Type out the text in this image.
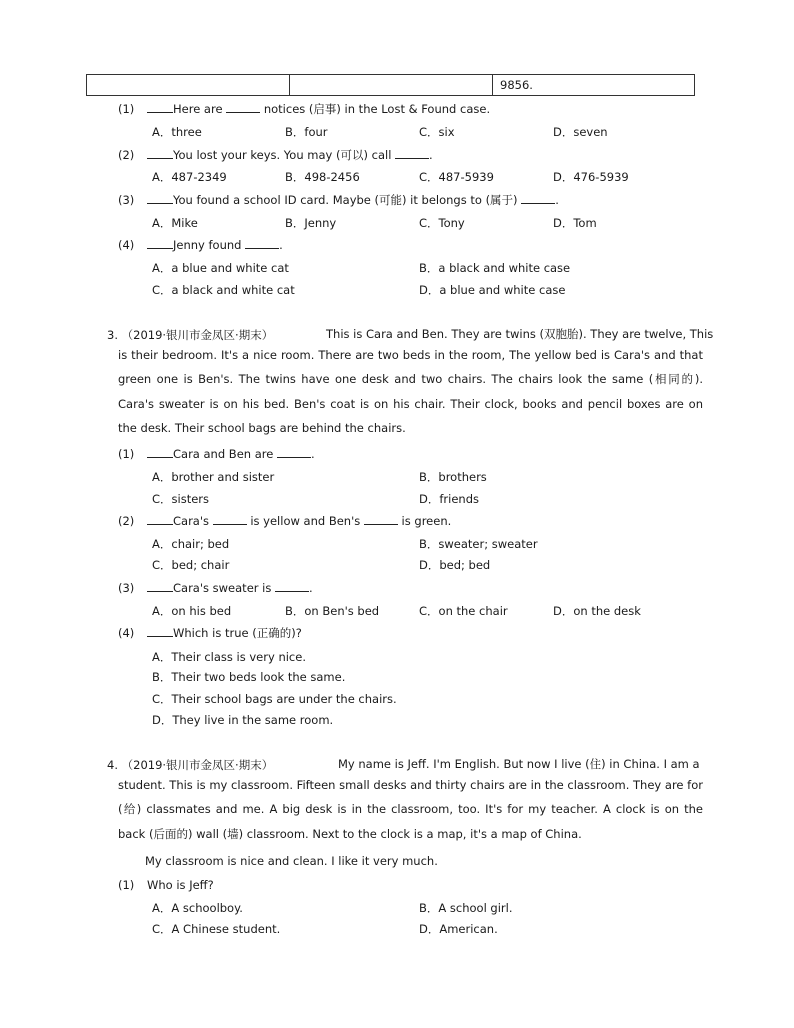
9856.
(1)	Here are	notices (启事) in the Lost & Found case.
A．three	B．four	C．six	D．seven
(2)	You lost your keys. You may (可以) call	.
A．487-2349	B．498-2456	C．487-5939	D．476-5939
(3)	You found a school ID card. Maybe (可能) it belongs to (属于)	.
A．Mike	B．Jenny	C．Tony	D．Tom
(4)	Jenny found	.
A．a blue and white cat	B．a black and white case
C．a black and white cat	D．a blue and white case
3. （2019·银川市金凤区·期末）	This is Cara and Ben. They are twins (双胞胎). They are twelve, This
is their bedroom. It's a nice room. There are two beds in the room, The yellow bed is Cara's and that green one is Ben's. The twins have one desk and two chairs. The chairs look the same (相同的). Cara's sweater is on his bed. Ben's coat is on his chair. Their clock, books and pencil boxes are on the desk. Their school bags are behind the chairs.
(1)	Cara and Ben are	.
A．brother and sister	B．brothers
C．sisters	D．friends
(2)	Cara's	is yellow and Ben's	is green.
A．chair; bed	B．sweater; sweater
C．bed; chair	D．bed; bed
(3)	Cara's sweater is	.
A．on his bed	B．on Ben's bed	C．on the chair	D．on the desk
(4)	Which is true (正确的)?
A．Their class is very nice.
B．Their two beds look the same.
C．Their school bags are under the chairs.
D．They live in the same room.
4. （2019·银川市金凤区·期末）	My name is Jeff. I'm English. But now I live (住) in China. I am a
student. This is my classroom. Fifteen small desks and thirty chairs are in the classroom. They are for (给) classmates and me. A big desk is in the classroom, too. It's for my teacher. A clock is on the back (后面的) wall (墙) classroom. Next to the clock is a map, it's a map of China.
My classroom is nice and clean. I like it very much.
(1) Who is Jeff?
A．A schoolboy.	B．A school girl.
C．A Chinese student.	D．American.
